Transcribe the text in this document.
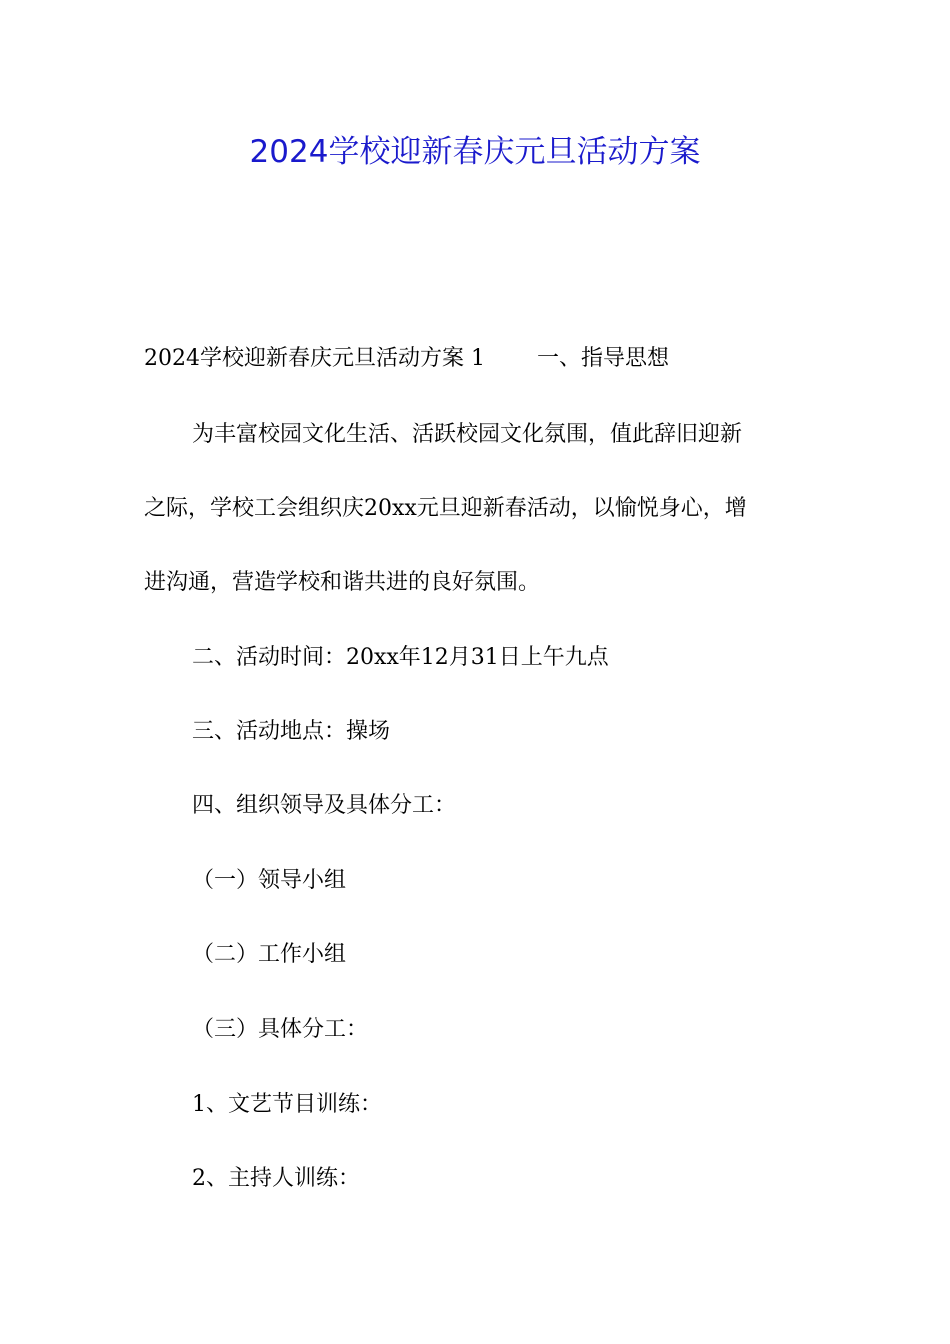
2024学校迎新春庆元旦活动方案
2024学校迎新春庆元旦活动方案 1 一、指导思想
为丰富校园文化生活、活跃校园文化氛围，值此辞旧迎新
之际，学校工会组织庆20xx元旦迎新春活动，以愉悦身心，增
进沟通，营造学校和谐共进的良好氛围。
二、活动时间：20xx年12月31日上午九点
三、活动地点：操场
四、组织领导及具体分工：
（一）领导小组
（二）工作小组
（三）具体分工：
1、文艺节目训练：
2、主持人训练：
